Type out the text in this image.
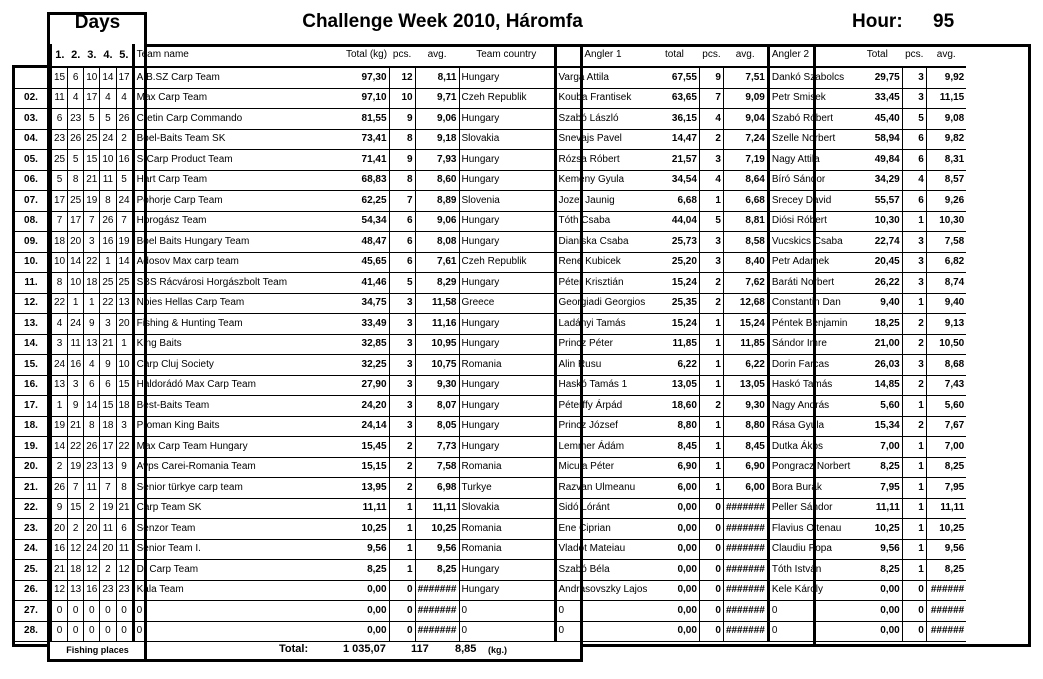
Days	Challenge Week 2010, Háromfa	Hour: 95
	1.	2.	3.	4.	5.	Team name	Total (kg)	pcs.	avg.	Team country	Angler 1	total	pcs.	avg.	Angler 2	Total	pcs.	avg.
	15	6	10	14	17	A.B.SZ Carp Team	97,30	12	8,11	Hungary	Varga Attila	67,55	9	7,51	Dankó Szabolcs	29,75	3	9,92
02.	11	4	17	4	4	Max Carp Team	97,10	10	9,71	Czeh Republik	Kouba Frantisek	63,65	7	9,09	Petr Smisek	33,45	3	11,15
03.	6	23	5	5	26	Cretin Carp Commando	81,55	9	9,06	Hungary	Szabó László	36,15	4	9,04	Szabó Róbert	45,40	5	9,08
04.	23	26	25	24	2	Boel-Baits Team SK	73,41	8	9,18	Slovakia	Snevajs Pavel	14,47	2	7,24	Szelle Norbert	58,94	6	9,82
05.	25	5	15	10	16	S-Carp Product Team	71,41	9	7,93	Hungary	Rózsa Róbert	21,57	3	7,19	Nagy Attila	49,84	6	8,31
06.	5	8	21	11	5	Hart Carp Team	68,83	8	8,60	Hungary	Kemény Gyula	34,54	4	8,64	Bíró Sándor	34,29	4	8,57
07.	17	25	19	8	24	Pohorje Carp Team	62,25	7	8,89	Slovenia	Jozef Jaunig	6,68	1	6,68	Srecey David	55,57	6	9,26
08.	7	17	7	26	7	Horogász Team	54,34	6	9,06	Hungary	Tóth Csaba	44,04	5	8,81	Diósi Róbert	10,30	1	10,30
09.	18	20	3	16	19	Boel Baits Hungary Team	48,47	6	8,08	Hungary	Dianiska Csaba	25,73	3	8,58	Vucskics Csaba	22,74	3	7,58
10.	10	14	22	1	14	Adosov Max carp team	45,65	6	7,61	Czeh Republik	Rene Kubicek	25,20	3	8,40	Petr Adamek	20,45	3	6,82
11.	8	10	18	25	25	SBS Rácvárosi Horgászbolt Team	41,46	5	8,29	Hungary	Péter Krisztián	15,24	2	7,62	Baráti Norbert	26,22	3	8,74
12.	22	1	1	22	13	Noies Hellas Carp Team	34,75	3	11,58	Greece	Georgiadi Georgios	25,35	2	12,68	Constantin Dan	9,40	1	9,40
13.	4	24	9	3	20	Fishing & Hunting Team	33,49	3	11,16	Hungary	Ladányi Tamás	15,24	1	15,24	Péntek Benjamin	18,25	2	9,13
14.	3	11	13	21	1	King Baits	32,85	3	10,95	Hungary	Princz Péter	11,85	1	11,85	Sándor Imre	21,00	2	10,50
15.	24	16	4	9	10	Carp Cluj Society	32,25	3	10,75	Romania	Alin Rusu	6,22	1	6,22	Dorin Farcas	26,03	3	8,68
16.	13	3	6	6	15	Haldorádó Max Carp Team	27,90	3	9,30	Hungary	Haskó Tamás 1	13,05	1	13,05	Haskó Tamás	14,85	2	7,43
17.	1	9	14	15	18	Best-Baits Team	24,20	3	8,07	Hungary	Péterffy Árpád	18,60	2	9,30	Nagy András	5,60	1	5,60
18.	19	21	8	18	3	Proman King Baits	24,14	3	8,05	Hungary	Princz József	8,80	1	8,80	Rása Gyula	15,34	2	7,67
19.	14	22	26	17	22	Max Carp Team Hungary	15,45	2	7,73	Hungary	Lemmer Ádám	8,45	1	8,45	Dutka Ákos	7,00	1	7,00
20.	2	19	23	13	9	Avps Carei-Romania Team	15,15	2	7,58	Romania	Micula Péter	6,90	1	6,90	Pongracz Norbert	8,25	1	8,25
21.	26	7	11	7	8	Senior türkye carp team	13,95	2	6,98	Turkye	Razvan Ulmeanu	6,00	1	6,00	Bora Burak	7,95	1	7,95
22.	9	15	2	19	21	Carp Team SK	11,11	1	11,11	Slovakia	Sidó Lóránt	0,00	0	#######	Peller Sándor	11,11	1	11,11
23.	20	2	20	11	6	Senzor Team	10,25	1	10,25	Romania	Ene Ciprian	0,00	0	#######	Flavius Oltenau	10,25	1	10,25
24.	16	12	24	20	11	Senior Team I.	9,56	1	9,56	Romania	Vladot Mateiau	0,00	0	#######	Claudiu Popa	9,56	1	9,56
25.	21	18	12	2	12	Dt Carp Team	8,25	1	8,25	Hungary	Szabó Béla	0,00	0	#######	Tóth István	8,25	1	8,25
26.	12	13	16	23	23	Kala Team	0,00	0	#######	Hungary	Andrasovszky Lajos	0,00	0	#######	Kele Károly	0,00	0	######
27.	0	0	0	0	0	0	0,00	0	#######	0	0	0,00	0	#######	0	0,00	0	######
28.	0	0	0	0	0	0	0,00	0	#######	0	0	0,00	0	#######	0	0,00	0	######
Fishing places	Total:	1 035,07 117 8,85 (kg.)
